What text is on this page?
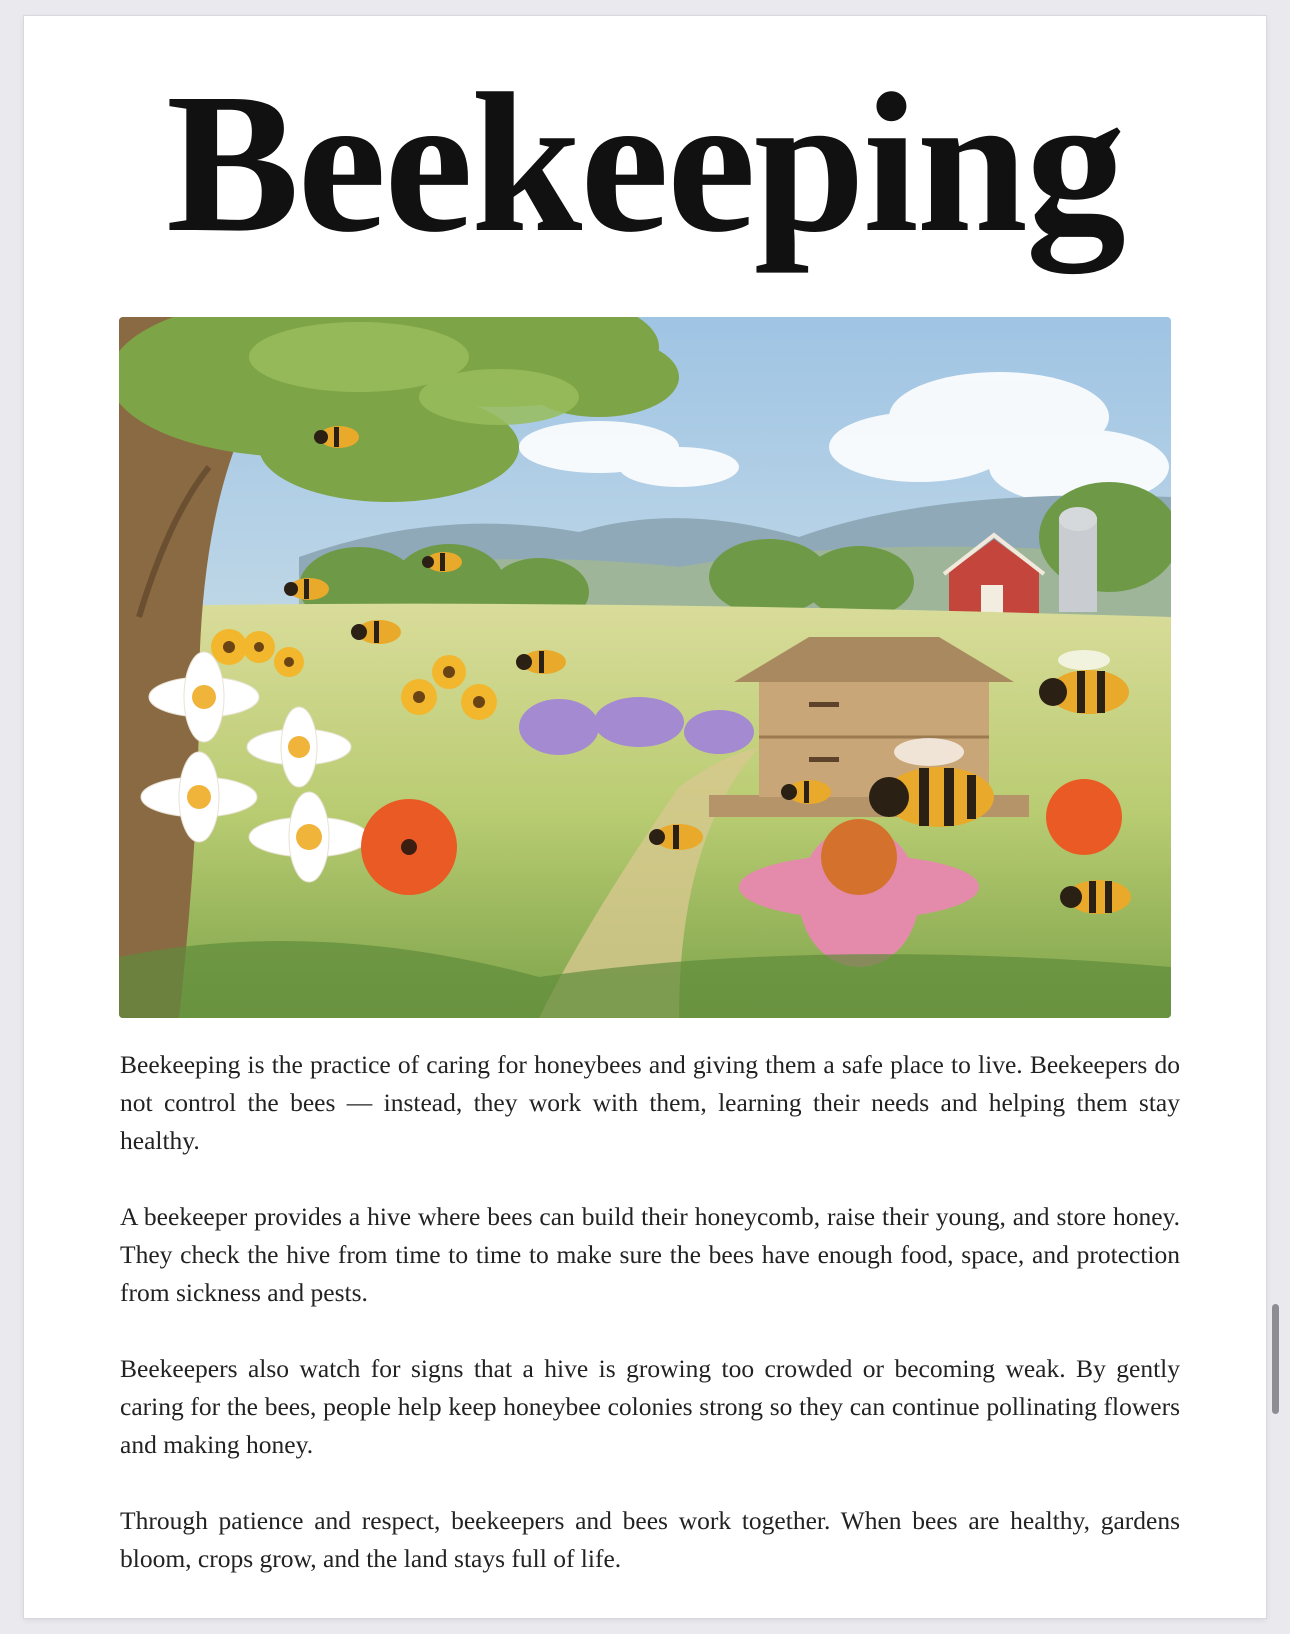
Beekeeping

Beekeeping is the practice of caring for honeybees and giving them a safe place to live. Beekeepers do not control the bees — instead, they work with them, learning their needs and helping them stay healthy.

A beekeeper provides a hive where bees can build their honeycomb, raise their young, and store honey. They check the hive from time to time to make sure the bees have enough food, space, and protection from sickness and pests.

Beekeepers also watch for signs that a hive is growing too crowded or becoming weak. By gently caring for the bees, people help keep honeybee colonies strong so they can continue pollinating flowers and making honey.

Through patience and respect, beekeepers and bees work together. When bees are healthy, gardens bloom, crops grow, and the land stays full of life.
